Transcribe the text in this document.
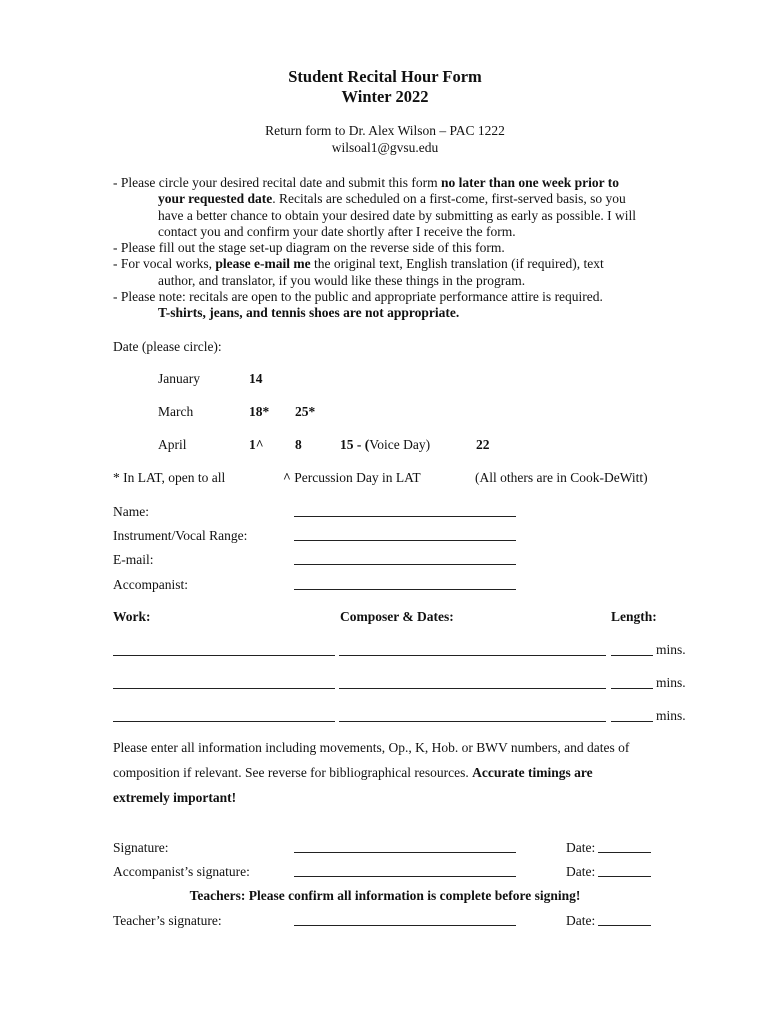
Student Recital Hour Form
Winter 2022
Return form to Dr. Alex Wilson – PAC 1222
wilsoal1@gvsu.edu
- Please circle your desired recital date and submit this form no later than one week prior to
your requested date. Recitals are scheduled on a first-come, first-served basis, so you
have a better chance to obtain your desired date by submitting as early as possible. I will
contact you and confirm your date shortly after I receive the form.
- Please fill out the stage set-up diagram on the reverse side of this form.
- For vocal works, please e-mail me the original text, English translation (if required), text
author, and translator, if you would like these things in the program.
- Please note: recitals are open to the public and appropriate performance attire is required.
T-shirts, jeans, and tennis shoes are not appropriate.
Date (please circle):
January	14
March	18* 25*
April	1^ 8	15 - (Voice Day)	22
* In LAT, open to all	^ Percussion Day in LAT	(All others are in Cook-DeWitt)
Name:
Instrument/Vocal Range:
E-mail:
Accompanist:
Work:	Composer & Dates:	Length:
mins.
mins.
mins.
Please enter all information including movements, Op., K, Hob. or BWV numbers, and dates of
composition if relevant. See reverse for bibliographical resources. Accurate timings are
extremely important!
Signature:	Date:
Accompanist’s signature:	Date:
Teachers: Please confirm all information is complete before signing!
Teacher’s signature:	Date:
